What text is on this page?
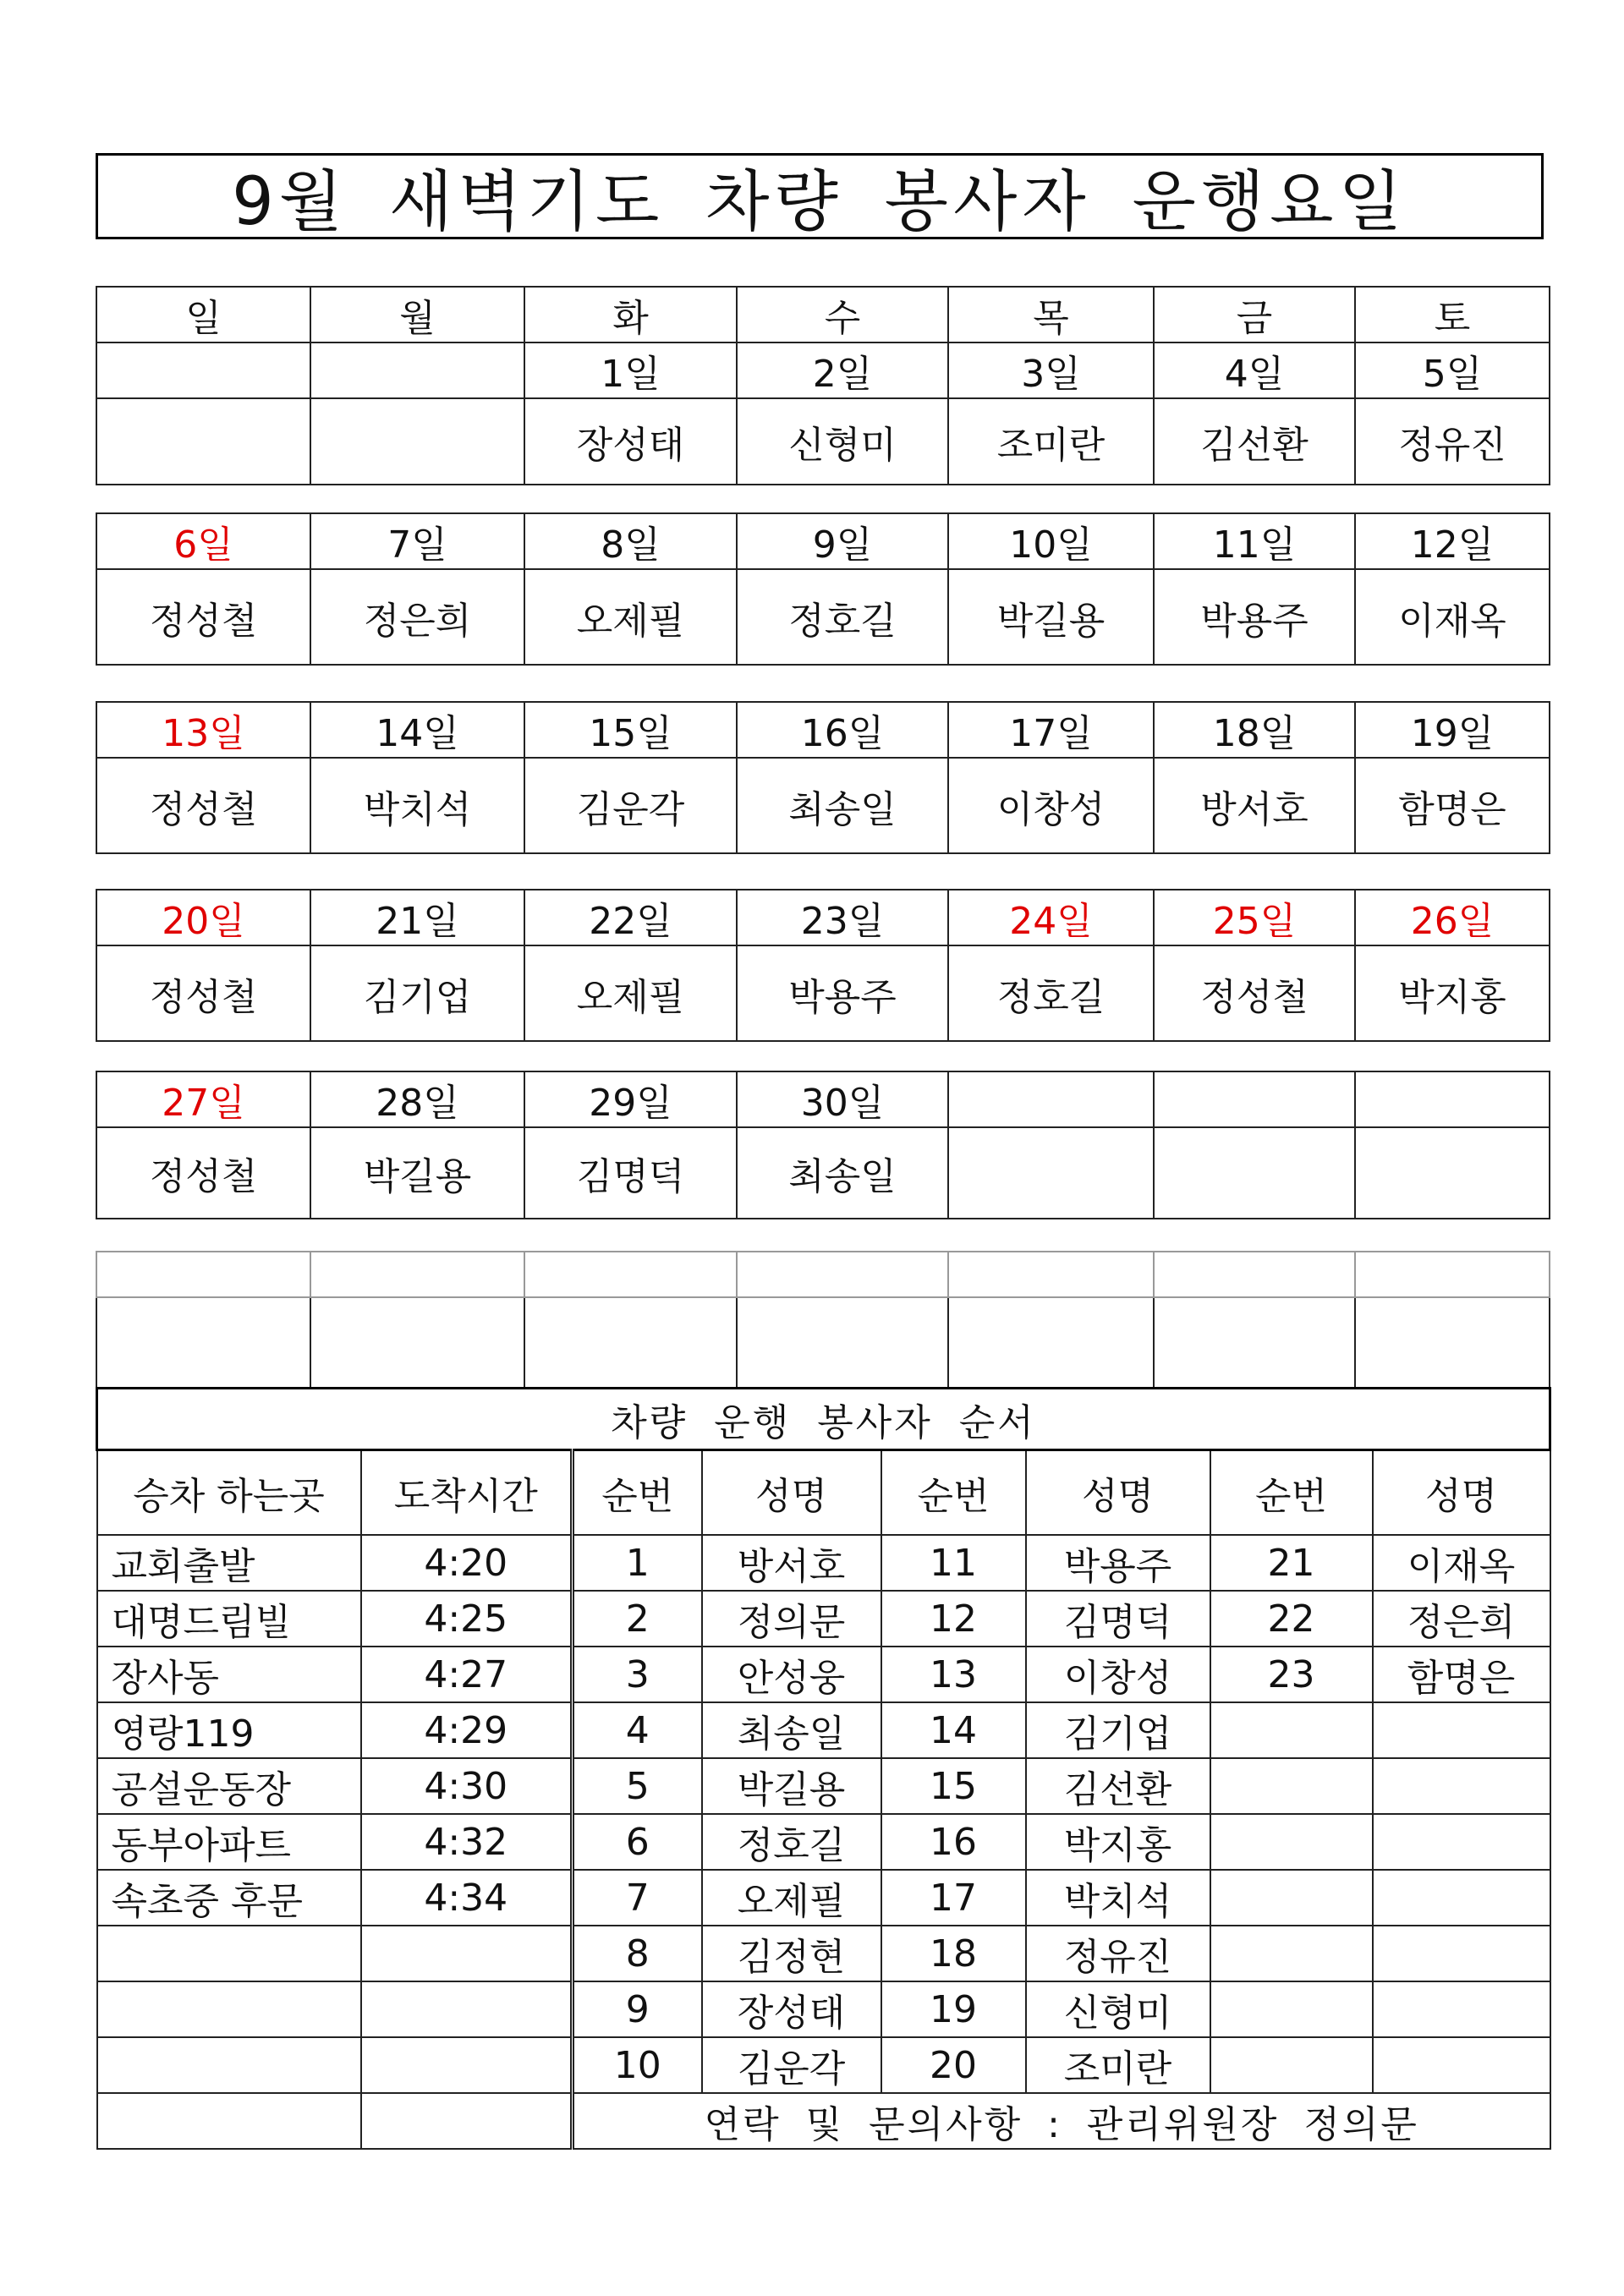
9월 새벽기도 차량 봉사자 운행요일
일	월	화	수	목	금	토
		1일	2일	3일	4일	5일
		장성태	신형미	조미란	김선환	정유진
6일	7일	8일	9일	10일	11일	12일
정성철	정은희	오제필	정호길	박길용	박용주	이재옥
13일	14일	15일	16일	17일	18일	19일
정성철	박치석	김운각	최송일	이창성	방서호	함명은
20일	21일	22일	23일	24일	25일	26일
정성철	김기업	오제필	박용주	정호길	정성철	박지홍
27일	28일	29일	30일			
정성철	박길용	김명덕	최송일			

차량 운행 봉사자 순서							
승차 하는곳	도착시간	순번	성명	순번	성명	순번	성명
교회출발	4:20	1	방서호	11	박용주	21	이재옥
대명드림빌	4:25	2	정의문	12	김명덕	22	정은희
장사동	4:27	3	안성웅	13	이창성	23	함명은
영랑119	4:29	4	최송일	14	김기업		
공설운동장	4:30	5	박길용	15	김선환		
동부아파트	4:32	6	정호길	16	박지홍		
속초중 후문	4:34	7	오제필	17	박치석		
		8	김정현	18	정유진		
		9	장성태	19	신형미		
		10	김운각	20	조미란		
		연락 및 문의사항 : 관리위원장 정의문					
